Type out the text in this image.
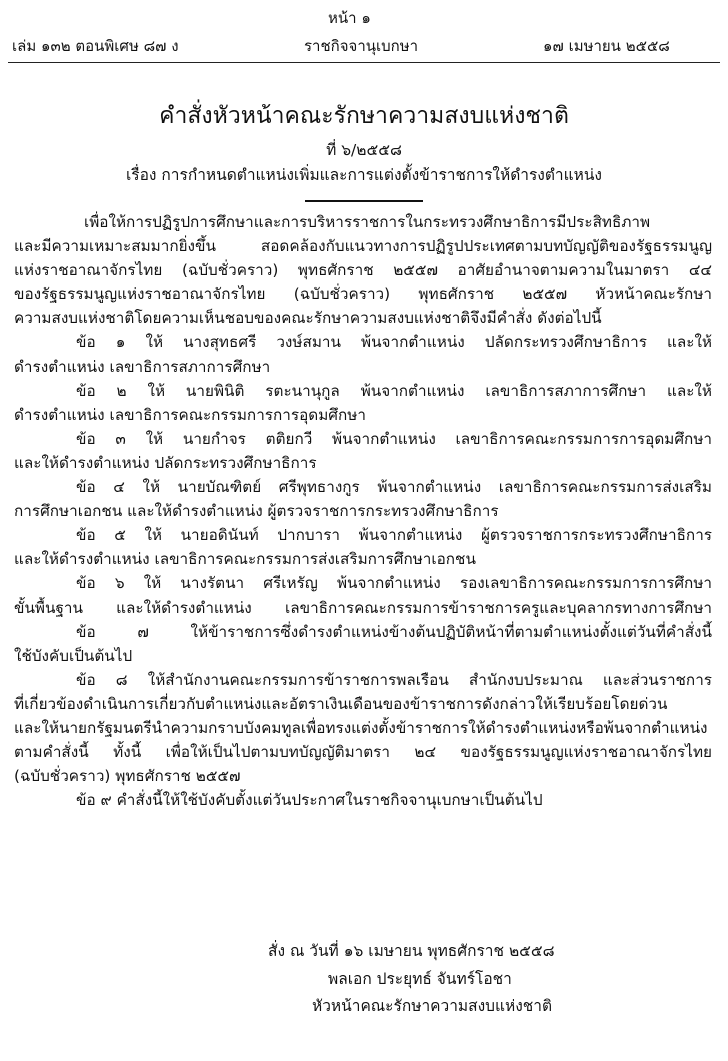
หน้า ๑
เล่ม ๑๓๒ ตอนพิเศษ ๘๗ ง	ราชกิจจานุเบกษา	๑๗ เมษายน ๒๕๕๘
คำสั่งหัวหน้าคณะรักษาความสงบแห่งชาติ
ที่ ๖/๒๕๕๘
เรื่อง การกำหนดตำแหน่งเพิ่มและการแต่งตั้งข้าราชการให้ดำรงตำแหน่ง
เพื่อให้การปฏิรูปการศึกษาและการบริหารราชการในกระทรวงศึกษาธิการมีประสิทธิภาพ
และมีความเหมาะสมมากยิ่งขึ้น สอดคล้องกับแนวทางการปฏิรูปประเทศตามบทบัญญัติของรัฐธรรมนูญ
แห่งราชอาณาจักรไทย (ฉบับชั่วคราว) พุทธศักราช ๒๕๕๗ อาศัยอำนาจตามความในมาตรา ๔๔
ของรัฐธรรมนูญแห่งราชอาณาจักรไทย (ฉบับชั่วคราว) พุทธศักราช ๒๕๕๗ หัวหน้าคณะรักษา
ความสงบแห่งชาติโดยความเห็นชอบของคณะรักษาความสงบแห่งชาติจึงมีคำสั่ง ดังต่อไปนี้
ข้อ ๑ ให้ นางสุทธศรี วงษ์สมาน พ้นจากตำแหน่ง ปลัดกระทรวงศึกษาธิการ และให้
ดำรงตำแหน่ง เลขาธิการสภาการศึกษา
ข้อ ๒ ให้ นายพินิติ รตะนานุกูล พ้นจากตำแหน่ง เลขาธิการสภาการศึกษา และให้
ดำรงตำแหน่ง เลขาธิการคณะกรรมการการอุดมศึกษา
ข้อ ๓ ให้ นายกำจร ตติยกวี พ้นจากตำแหน่ง เลขาธิการคณะกรรมการการอุดมศึกษา
และให้ดำรงตำแหน่ง ปลัดกระทรวงศึกษาธิการ
ข้อ ๔ ให้ นายบัณฑิตย์ ศรีพุทธางกูร พ้นจากตำแหน่ง เลขาธิการคณะกรรมการส่งเสริม
การศึกษาเอกชน และให้ดำรงตำแหน่ง ผู้ตรวจราชการกระทรวงศึกษาธิการ
ข้อ ๕ ให้ นายอดินันท์ ปากบารา พ้นจากตำแหน่ง ผู้ตรวจราชการกระทรวงศึกษาธิการ
และให้ดำรงตำแหน่ง เลขาธิการคณะกรรมการส่งเสริมการศึกษาเอกชน
ข้อ ๖ ให้ นางรัตนา ศรีเหรัญ พ้นจากตำแหน่ง รองเลขาธิการคณะกรรมการการศึกษา
ขั้นพื้นฐาน และให้ดำรงตำแหน่ง เลขาธิการคณะกรรมการข้าราชการครูและบุคลากรทางการศึกษา
ข้อ ๗ ให้ข้าราชการซึ่งดำรงตำแหน่งข้างต้นปฏิบัติหน้าที่ตามตำแหน่งตั้งแต่วันที่คำสั่งนี้
ใช้บังคับเป็นต้นไป
ข้อ ๘ ให้สำนักงานคณะกรรมการข้าราชการพลเรือน สำนักงบประมาณ และส่วนราชการ
ที่เกี่ยวข้องดำเนินการเกี่ยวกับตำแหน่งและอัตราเงินเดือนของข้าราชการดังกล่าวให้เรียบร้อยโดยด่วน
และให้นายกรัฐมนตรีนำความกราบบังคมทูลเพื่อทรงแต่งตั้งข้าราชการให้ดำรงตำแหน่งหรือพ้นจากตำแหน่ง
ตามคำสั่งนี้ ทั้งนี้ เพื่อให้เป็นไปตามบทบัญญัติมาตรา ๒๔ ของรัฐธรรมนูญแห่งราชอาณาจักรไทย
(ฉบับชั่วคราว) พุทธศักราช ๒๕๕๗
ข้อ ๙ คำสั่งนี้ให้ใช้บังคับตั้งแต่วันประกาศในราชกิจจานุเบกษาเป็นต้นไป
สั่ง ณ วันที่ ๑๖ เมษายน พุทธศักราช ๒๕๕๘
พลเอก ประยุทธ์ จันทร์โอชา
หัวหน้าคณะรักษาความสงบแห่งชาติ
